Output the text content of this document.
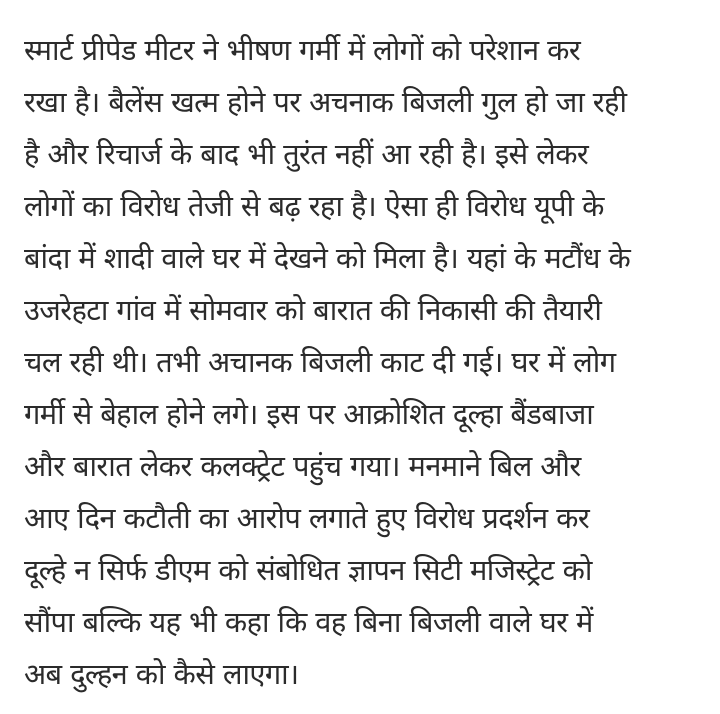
स्मार्ट प्रीपेड मीटर ने भीषण गर्मी में लोगों को परेशान कर
रखा है। बैलेंस खत्म होने पर अचनाक बिजली गुल हो जा रही
है और रिचार्ज के बाद भी तुरंत नहीं आ रही है। इसे लेकर
लोगों का विरोध तेजी से बढ़ रहा है। ऐसा ही विरोध यूपी के
बांदा में शादी वाले घर में देखने को मिला है। यहां के मटौंध के
उजरेहटा गांव में सोमवार को बारात की निकासी की तैयारी
चल रही थी। तभी अचानक बिजली काट दी गई। घर में लोग
गर्मी से बेहाल होने लगे। इस पर आक्रोशित दूल्हा बैंडबाजा
और बारात लेकर कलक्ट्रेट पहुंच गया। मनमाने बिल और
आए दिन कटौती का आरोप लगाते हुए विरोध प्रदर्शन कर
दूल्हे न सिर्फ डीएम को संबोधित ज्ञापन सिटी मजिस्ट्रेट को
सौंपा बल्कि यह भी कहा कि वह बिना बिजली वाले घर में
अब दुल्हन को कैसे लाएगा।
